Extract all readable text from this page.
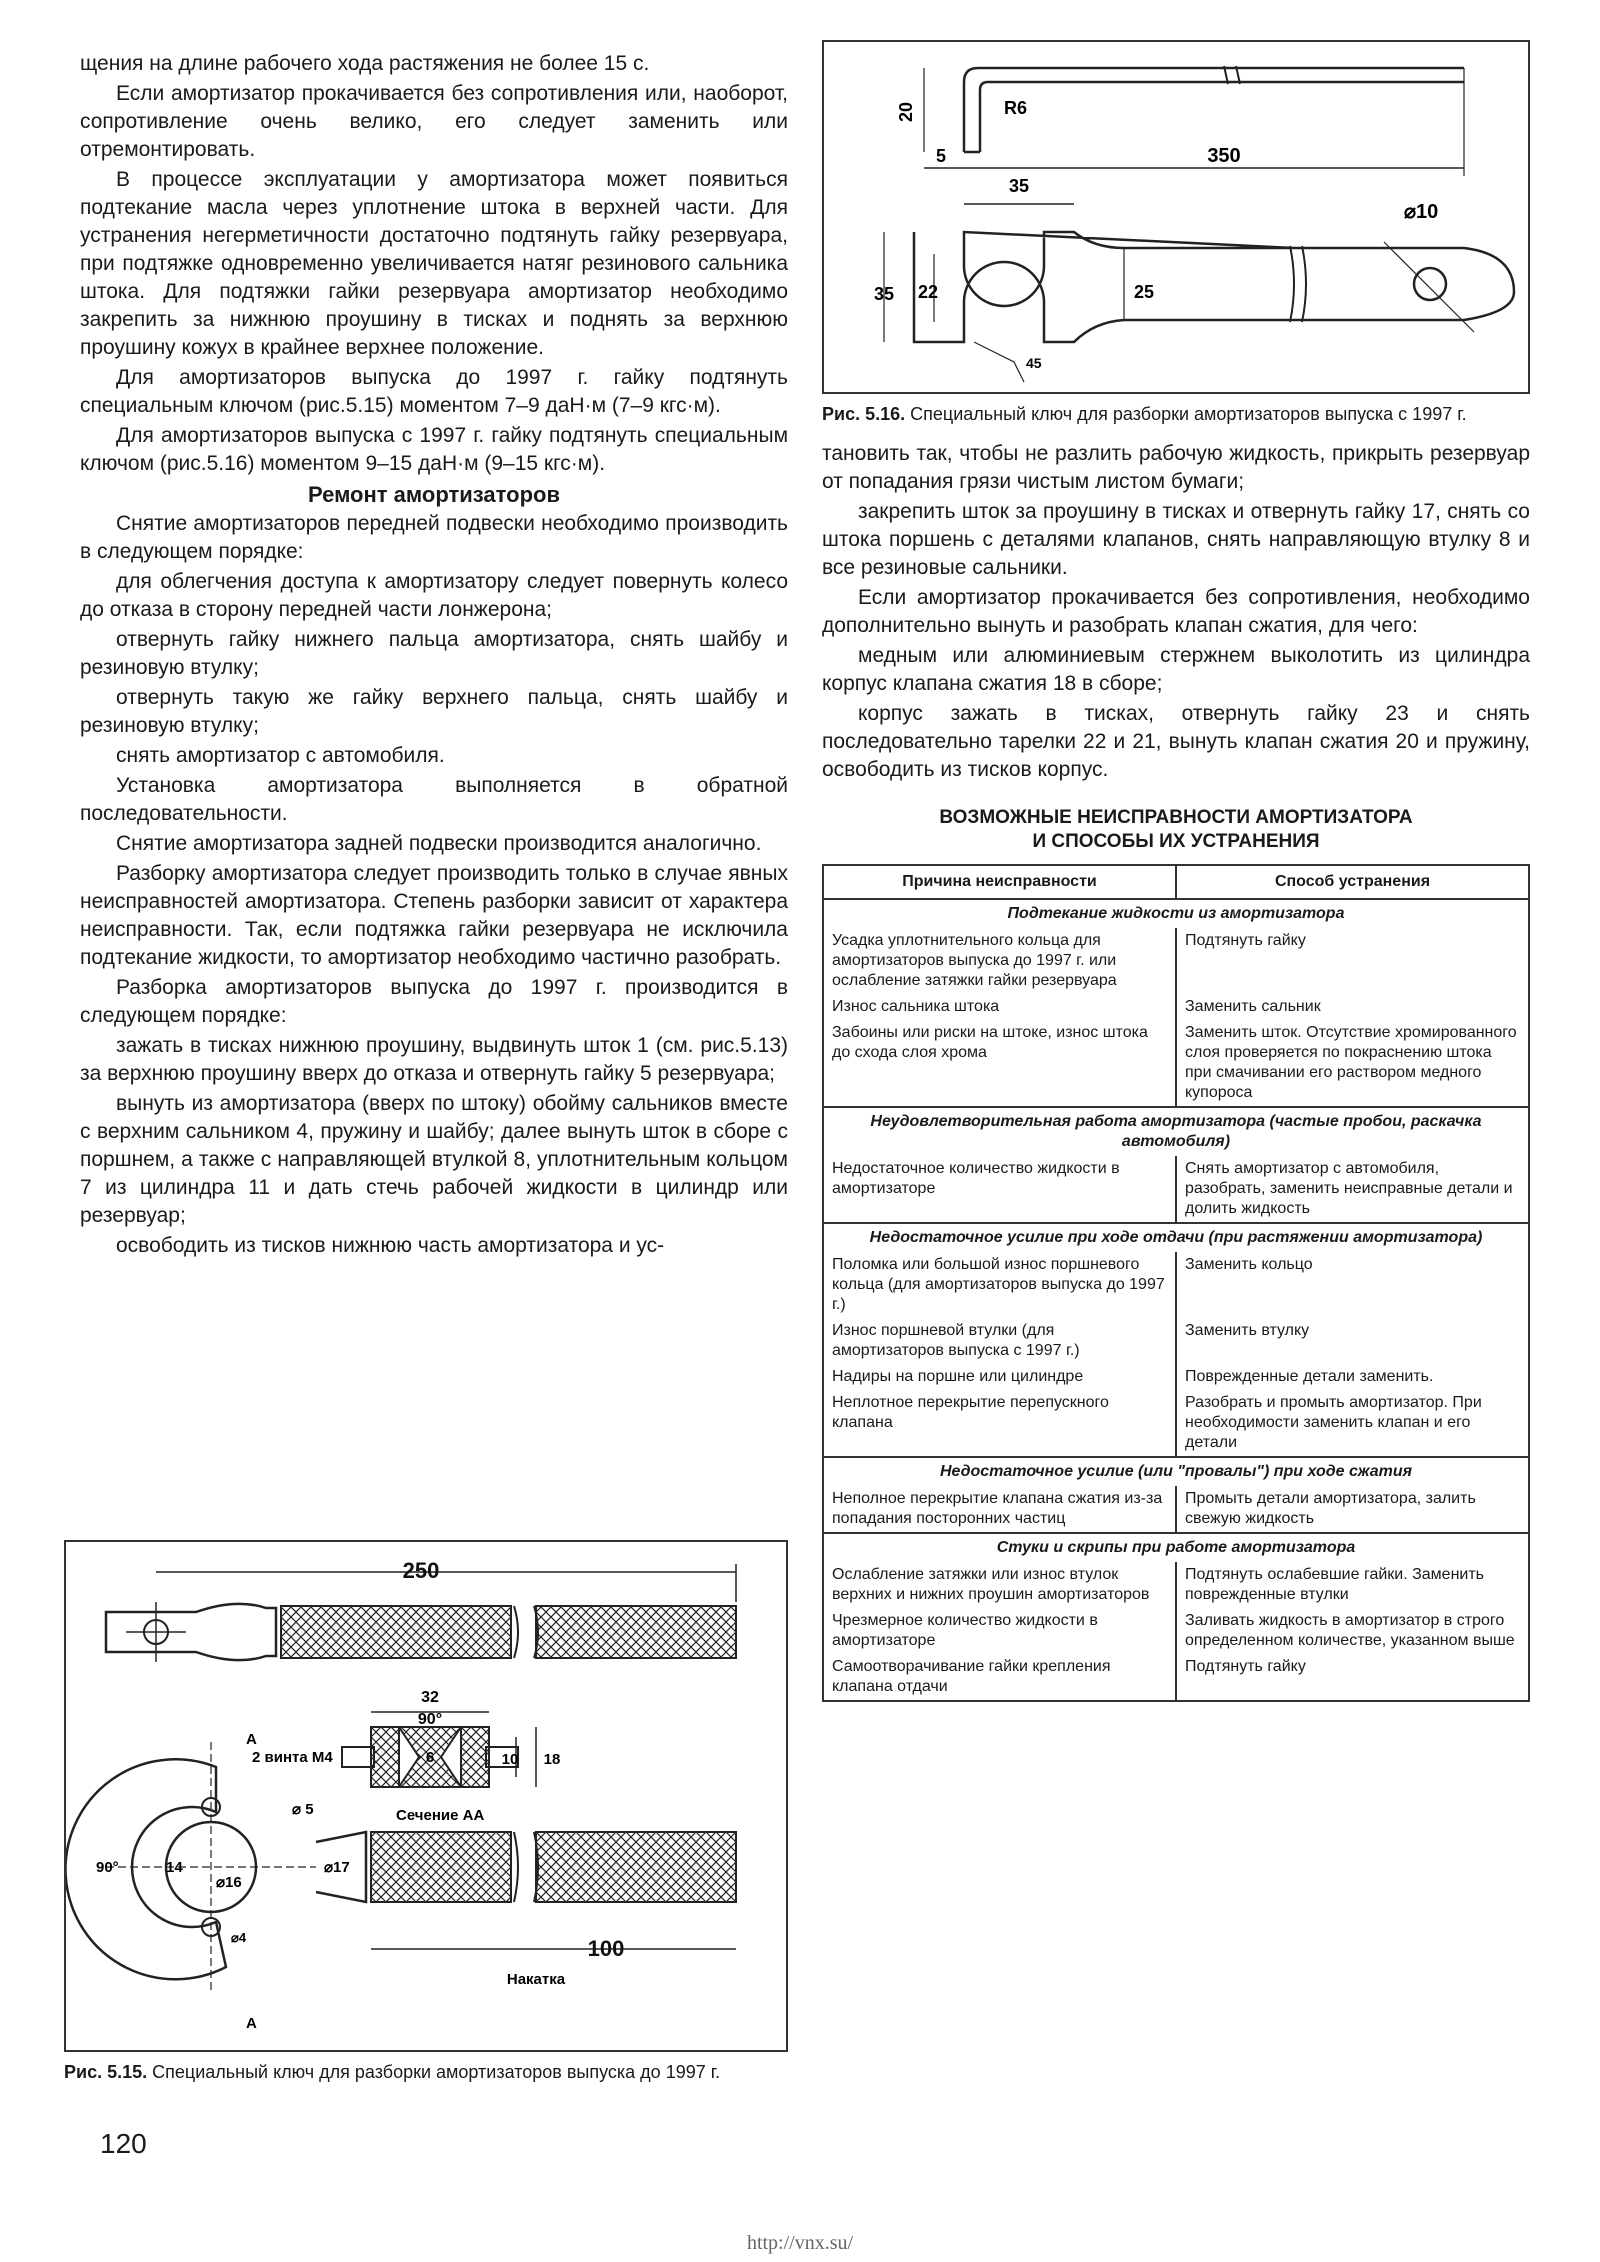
щения на длине рабочего хода растяжения не более 15 с.

Если амортизатор прокачивается без сопротивления или, наоборот, сопротивление очень велико, его следует заменить или отремонтировать.

В процессе эксплуатации у амортизатора может появиться подтекание масла через уплотнение штока в верхней части. Для устранения негерметичности достаточно подтянуть гайку резервуара, при подтяжке одновременно увеличивается натяг резинового сальника штока. Для подтяжки гайки резервуара амортизатор необходимо закрепить за нижнюю проушину в тисках и поднять за верхнюю проушину кожух в крайнее верхнее положение.

Для амортизаторов выпуска до 1997 г. гайку подтянуть специальным ключом (рис.5.15) моментом 7–9 даН·м (7–9 кгс·м).

Для амортизаторов выпуска с 1997 г. гайку подтянуть специальным ключом (рис.5.16) моментом 9–15 даН·м (9–15 кгс·м).

Ремонт амортизаторов

Снятие амортизаторов передней подвески необходимо производить в следующем порядке:

для облегчения доступа к амортизатору следует повернуть колесо до отказа в сторону передней части лонжерона;

отвернуть гайку нижнего пальца амортизатора, снять шайбу и резиновую втулку;

отвернуть такую же гайку верхнего пальца, снять шайбу и резиновую втулку;

снять амортизатор с автомобиля.

Установка амортизатора выполняется в обратной последовательности.

Снятие амортизатора задней подвески производится аналогично.

Разборку амортизатора следует производить только в случае явных неисправностей амортизатора. Степень разборки зависит от характера неисправности. Так, если подтяжка гайки резервуара не исключила подтекание жидкости, то амортизатор необходимо частично разобрать.

Разборка амортизаторов выпуска до 1997 г. производится в следующем порядке:

зажать в тисках нижнюю проушину, выдвинуть шток 1 (см. рис.5.13) за верхнюю проушину вверх до отказа и отвернуть гайку 5 резервуара;

вынуть из амортизатора (вверх по штоку) обойму сальников вместе с верхним сальником 4, пружину и шайбу; далее вынуть шток в сборе с поршнем, а также с направляющей втулкой 8, уплотнительным кольцом 7 из цилиндра 11 и дать стечь рабочей жидкости в цилиндр или резервуар;

освободить из тисков нижнюю часть амортизатора и ус-

250
32
90°
6	10 18
2 винта М4
⌀ 5	Сечение АА
А
А
90°	14
⌀16
⌀4
⌀17
100
Накатка
Рис. 5.15. Специальный ключ для разборки амортизаторов выпуска до 1997 г.
20	R6
5	350
35
⌀10
35 22	25
45
Рис. 5.16. Специальный ключ для разборки амортизаторов выпуска с 1997 г.

тановить так, чтобы не разлить рабочую жидкость, прикрыть резервуар от попадания грязи чистым листом бумаги;

закрепить шток за проушину в тисках и отвернуть гайку 17, снять со штока поршень с деталями клапанов, снять направляющую втулку 8 и все резиновые сальники.

Если амортизатор прокачивается без сопротивления, необходимо дополнительно вынуть и разобрать клапан сжатия, для чего:

медным или алюминиевым стержнем выколотить из цилиндра корпус клапана сжатия 18 в сборе;

корпус зажать в тисках, отвернуть гайку 23 и снять последовательно тарелки 22 и 21, вынуть клапан сжатия 20 и пружину, освободить из тисков корпус.

ВОЗМОЖНЫЕ НЕИСПРАВНОСТИ АМОРТИЗАТОРА
И СПОСОБЫ ИХ УСТРАНЕНИЯ
Причина неисправности	Способ устранения
Подтекание жидкости из амортизатора	
Усадка уплотнительного кольца для амортизаторов выпуска до 1997 г. или ослабление затяжки гайки резервуара	Подтянуть гайку
Износ сальника штока	Заменить сальник
Забоины или риски на штоке, износ штока до схода слоя хрома	Заменить шток. Отсутствие хромированного слоя проверяется по покраснению штока при смачивании его раствором медного купороса
Неудовлетворительная работа амортизатора (частые пробои, раскачка автомобиля)	
Недостаточное количество жидкости в амортизаторе	Снять амортизатор с автомобиля, разобрать, заменить неисправные детали и долить жидкость
Недостаточное усилие при ходе отдачи (при растяжении амортизатора)	
Поломка или большой износ поршневого кольца (для амортизаторов выпуска до 1997 г.)	Заменить кольцо
Износ поршневой втулки (для амортизаторов выпуска с 1997 г.)	Заменить втулку
Надиры на поршне или цилиндре	Поврежденные детали заменить.
Неплотное перекрытие перепускного клапана	Разобрать и промыть амортизатор. При необходимости заменить клапан и его детали
Недостаточное усилие (или "провалы") при ходе сжатия	
Неполное перекрытие клапана сжатия из-за попадания посторонних частиц	Промыть детали амортизатора, залить свежую жидкость
Стуки и скрипы при работе амортизатора	
Ослабление затяжки или износ втулок верхних и нижних проушин амортизаторов	Подтянуть ослабевшие гайки. Заменить поврежденные втулки
Чрезмерное количество жидкости в амортизаторе	Заливать жидкость в амортизатор в строго определенном количестве, указанном выше
Самоотворачивание гайки крепления клапана отдачи	Подтянуть гайку
120
http://vnx.su/
